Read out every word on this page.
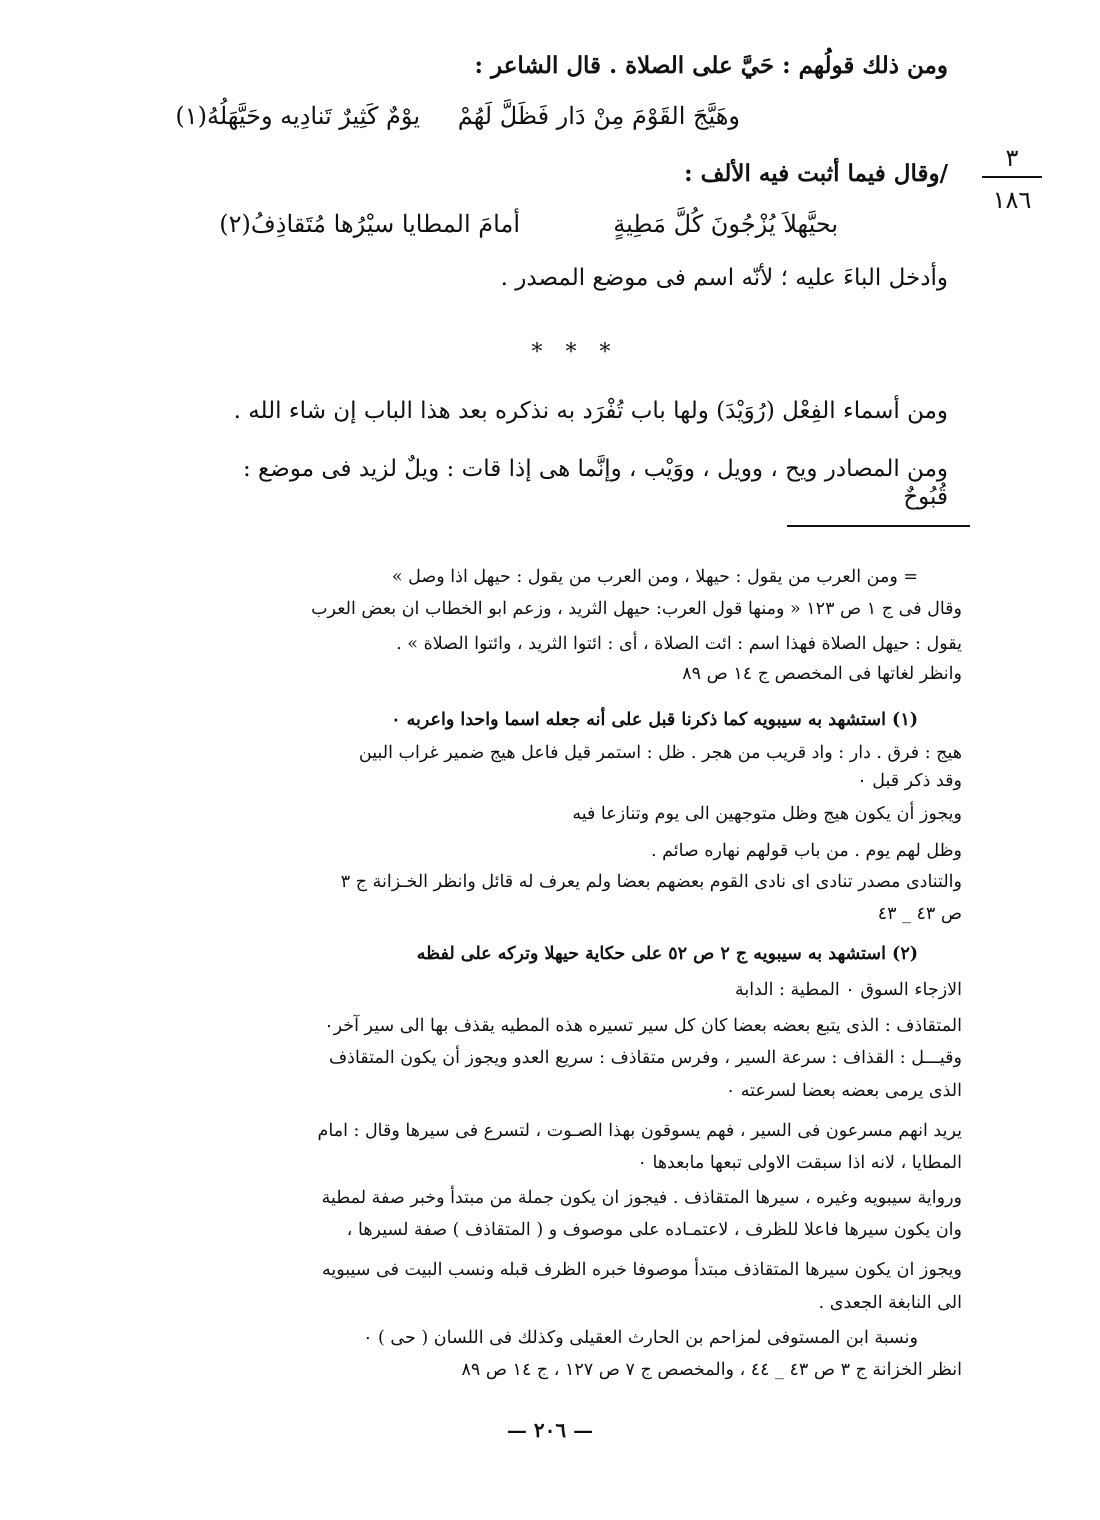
٣
١٨٦
ومن ذلك قولُهم : حَيَّ على الصلاة . قال الشاعر :
وهَيَّجَ القَوْمَ مِنْ دَار فَظَلَّ لَهُمْ
يوْمٌ كَثِيرٌ تَنادِيه وحَيَّهَلُهُ(١)
/وقال فيما أثبت فيه الألف :
بحيَّهلاَ يُزْجُونَ كُلَّ مَطِيةٍ
أمامَ المطايا سيْرُها مُتَقاذِفُ(٢)
وأدخل الباءَ عليه ؛ لأنّه اسم فى موضع المصدر .
* * *
ومن أسماء الفِعْل (رُوَيْدَ) ولها باب تُفْرَد به نذكره بعد هذا الباب إن شاء الله .
ومن المصادر ويح ، وويل ، ووَيْب ، وإنَّما هى إذا قات : ويلٌ لزيد فى موضع : قُبُوحٌ
= ومن العرب من يقول : حيهلا ، ومن العرب من يقول : حيهل اذا وصل »
وقال فى ج ١ ص ١٢٣ « ومنها قول العرب: حيهل الثريد ، وزعم ابو الخطاب ان بعض العرب
يقول : حيهل الصلاة فهذا اسم : ائت الصلاة ، أى : ائتوا الثريد ، وائتوا الصلاة » .
وانظر لغاتها فى المخصص ج ١٤ ص ٨٩
(١) استشهد به سيبويه كما ذكرنا قبل على أنه جعله اسما واحدا واعربه ٠
هيج : فرق . دار : واد قريب من هجر . ظل : استمر قيل فاعل هيج ضمير غراب البين
وقد ذكر قبل ٠
ويجوز أن يكون هيج وظل متوجهين الى يوم وتنازعا فيه
وظل لهم يوم . من باب قولهم نهاره صائم .
والتنادى مصدر تنادى اى نادى القوم بعضهم بعضا ولم يعرف له قائل وانظر الخـزانة ج ٣
ص ٤٣ _ ٤٣
(٢) استشهد به سيبويه ج ٢ ص ٥٢ على حكاية حيهلا وتركه على لفظه
الازجاء السوق ٠ المطية : الدابة
المتقاذف : الذى يتبع بعضه بعضا كان كل سير تسيره هذه المطيه يقذف بها الى سير آخر٠
وقيـــل : القذاف : سرعة السير ، وفرس متقاذف : سريع العدو ويجوز أن يكون المتقاذف
الذى يرمى بعضه بعضا لسرعته ٠
يريد انهم مسرعون فى السير ، فهم يسوقون بهذا الصـوت ، لتسرع فى سيرها وقال : امام
المطايا ، لانه اذا سبقت الاولى تبعها مابعدها ٠
ورواية سيبويه وغيره ، سيرها المتقاذف . فيجوز ان يكون جملة من مبتدأ وخبر صفة لمطية
وان يكون سيرها فاعلا للظرف ، لاعتمـاده على موصوف و ( المتقاذف ) صفة لسيرها ،
ويجوز ان يكون سيرها المتقاذف مبتدأ موصوفا خبره الظرف قبله ونسب البيت فى سيبويه
الى النابغة الجعدى .
ونسبة ابن المستوفى لمزاحم بن الحارث العقيلى وكذلك فى اللسان ( حى ) ٠
انظر الخزانة ج ٣ ص ٤٣ _ ٤٤ ، والمخصص ج ٧ ص ١٢٧ ، ج ١٤ ص ٨٩
— ٢٠٦ —
